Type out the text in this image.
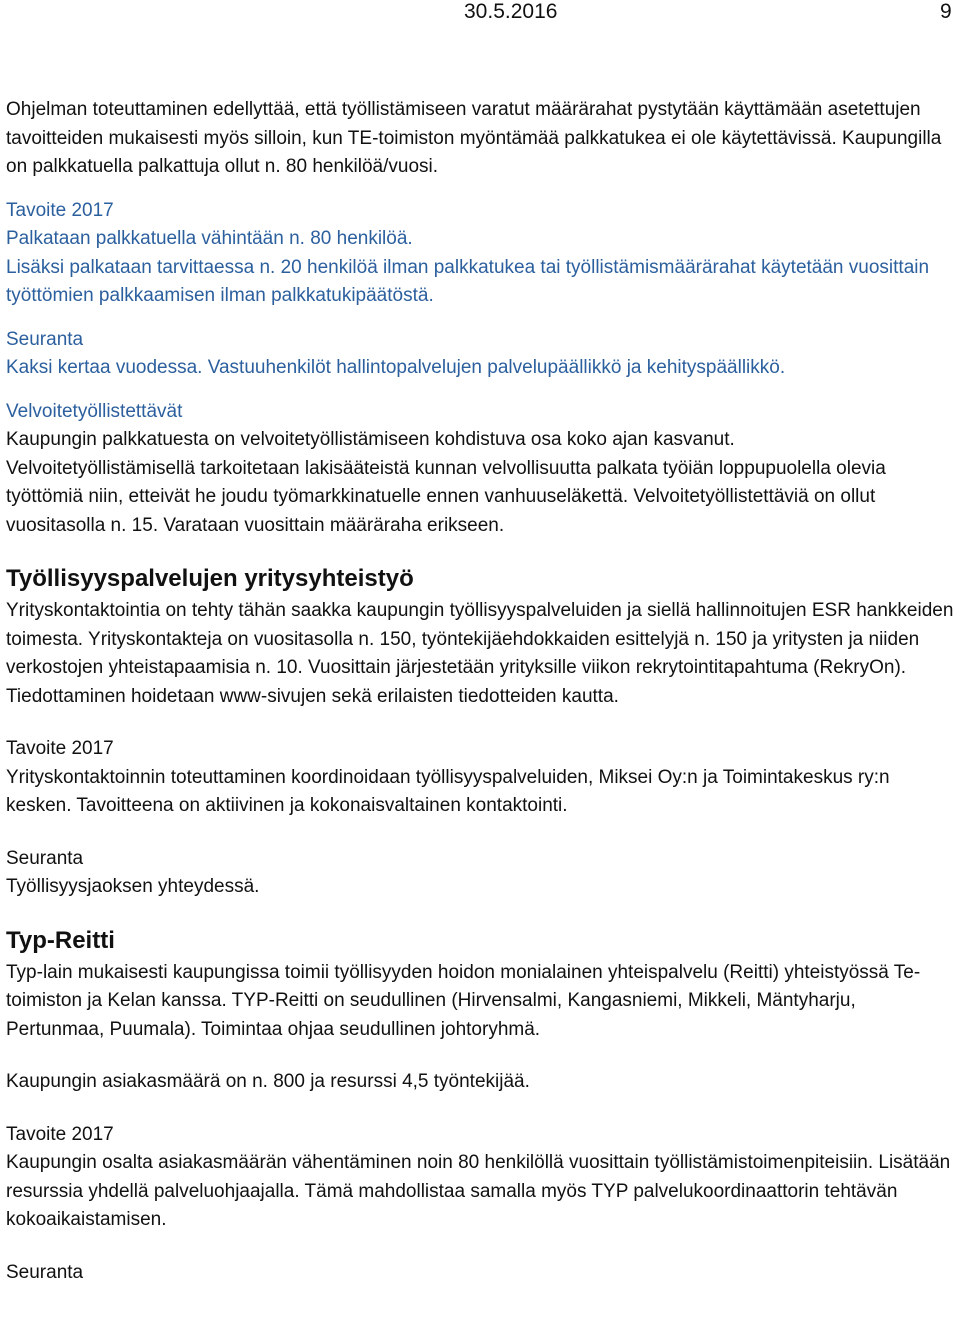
30.5.2016	9

Ohjelman toteuttaminen edellyttää, että työllistämiseen varatut määrärahat pystytään käyttämään asetettujen tavoitteiden mukaisesti myös silloin, kun TE-toimiston myöntämää palkkatukea ei ole käytettävissä. Kaupungilla on palkkatuella palkattuja ollut n. 80 henkilöä/vuosi.

Tavoite 2017

Palkataan palkkatuella vähintään n. 80 henkilöä.

Lisäksi palkataan tarvittaessa n. 20 henkilöä ilman palkkatukea tai työllistämismäärärahat käytetään vuosittain työttömien palkkaamisen ilman palkkatukipäätöstä.

Seuranta

Kaksi kertaa vuodessa. Vastuuhenkilöt hallintopalvelujen palvelupäällikkö ja kehityspäällikkö.

Velvoitetyöllistettävät

Kaupungin palkkatuesta on velvoitetyöllistämiseen kohdistuva osa koko ajan kasvanut.

Velvoitetyöllistämisellä tarkoitetaan lakisääteistä kunnan velvollisuutta palkata työiän loppupuolella olevia työttömiä niin, etteivät he joudu työmarkkinatuelle ennen vanhuuseläkettä. Velvoitetyöllistettäviä on ollut vuositasolla n. 15. Varataan vuosittain määräraha erikseen.

Työllisyyspalvelujen yritysyhteistyö

Yrityskontaktointia on tehty tähän saakka kaupungin työllisyyspalveluiden ja siellä hallinnoitujen ESR hankkeiden toimesta. Yrityskontakteja on vuositasolla n. 150, työntekijäehdokkaiden esittelyjä n. 150 ja yritysten ja niiden verkostojen yhteistapaamisia n. 10. Vuosittain järjestetään yrityksille viikon rekrytointitapahtuma (RekryOn). Tiedottaminen hoidetaan www-sivujen sekä erilaisten tiedotteiden kautta.

Tavoite 2017

Yrityskontaktoinnin toteuttaminen koordinoidaan työllisyyspalveluiden, Miksei Oy:n ja Toimintakeskus ry:n kesken. Tavoitteena on aktiivinen ja kokonaisvaltainen kontaktointi.

Seuranta

Työllisyysjaoksen yhteydessä.

Typ-Reitti

Typ-lain mukaisesti kaupungissa toimii työllisyyden hoidon monialainen yhteispalvelu (Reitti) yhteistyössä Te-toimiston ja Kelan kanssa. TYP-Reitti on seudullinen (Hirvensalmi, Kangasniemi, Mikkeli, Mäntyharju, Pertunmaa, Puumala). Toimintaa ohjaa seudullinen johtoryhmä.

Kaupungin asiakasmäärä on n. 800 ja resurssi 4,5 työntekijää.

Tavoite 2017

Kaupungin osalta asiakasmäärän vähentäminen noin 80 henkilöllä vuosittain työllistämistoimenpiteisiin. Lisätään resurssia yhdellä palveluohjaajalla. Tämä mahdollistaa samalla myös TYP palvelukoordinaattorin tehtävän kokoaikaistamisen.

Seuranta
